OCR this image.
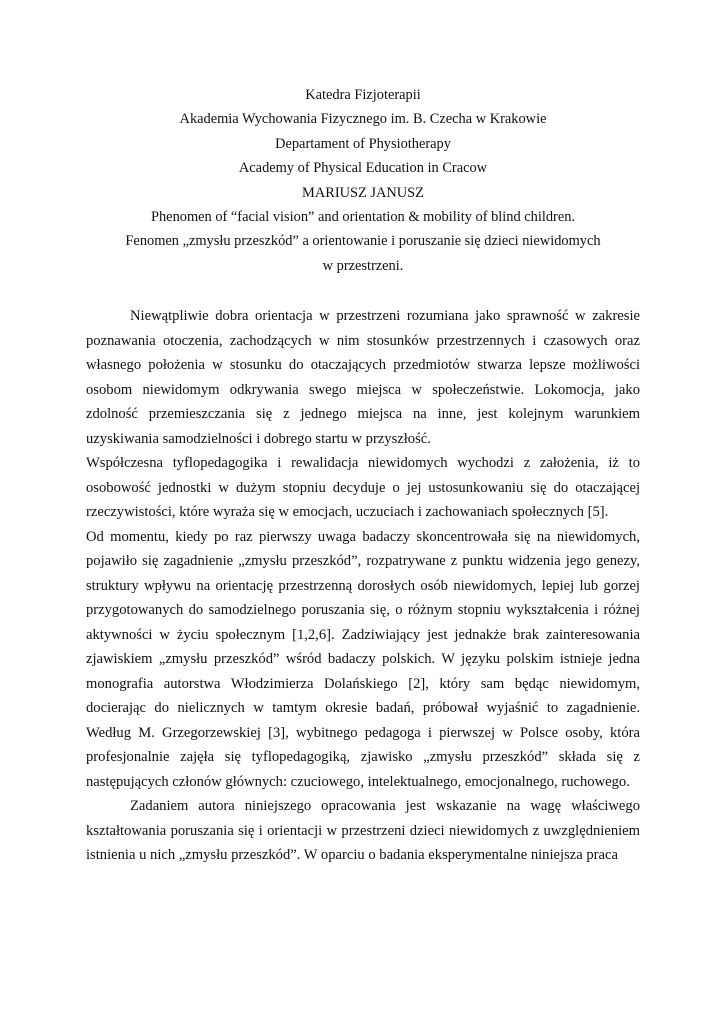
Katedra Fizjoterapii
Akademia Wychowania Fizycznego im. B. Czecha w Krakowie
Departament of Physiotherapy
Academy of Physical Education in Cracow
MARIUSZ JANUSZ
Phenomen of “facial vision” and orientation & mobility of blind children.
Fenomen „zmysłu przeszkód” a orientowanie i poruszanie się dzieci niewidomych
w przestrzeni.

Niewątpliwie dobra orientacja w przestrzeni rozumiana jako sprawność w zakresie poznawania otoczenia, zachodzących w nim stosunków przestrzennych i czasowych oraz własnego położenia w stosunku do otaczających przedmiotów stwarza lepsze możliwości osobom niewidomym odkrywania swego miejsca w społeczeństwie. Lokomocja, jako zdolność przemieszczania się z jednego miejsca na inne, jest kolejnym warunkiem uzyskiwania samodzielności i dobrego startu w przyszłość.

Współczesna tyflopedagogika i rewalidacja niewidomych wychodzi z założenia, iż to osobowość jednostki w dużym stopniu decyduje o jej ustosunkowaniu się do otaczającej rzeczywistości, które wyraża się w emocjach, uczuciach i zachowaniach społecznych [5].

Od momentu, kiedy po raz pierwszy uwaga badaczy skoncentrowała się na niewidomych, pojawiło się zagadnienie „zmysłu przeszkód”, rozpatrywane z punktu widzenia jego genezy, struktury wpływu na orientację przestrzenną dorosłych osób niewidomych, lepiej lub gorzej przygotowanych do samodzielnego poruszania się, o różnym stopniu wykształcenia i różnej aktywności w życiu społecznym [1,2,6]. Zadziwiający jest jednakże brak zainteresowania zjawiskiem „zmysłu przeszkód” wśród badaczy polskich. W języku polskim istnieje jedna monografia autorstwa Włodzimierza Dolańskiego [2], który sam będąc niewidomym, docierając do nielicznych w tamtym okresie badań, próbował wyjaśnić to zagadnienie. Według M. Grzegorzewskiej [3], wybitnego pedagoga i pierwszej w Polsce osoby, która profesjonalnie zajęła się tyflopedagogiką, zjawisko „zmysłu przeszkód” składa się z następujących członów głównych: czuciowego, intelektualnego, emocjonalnego, ruchowego.

Zadaniem autora niniejszego opracowania jest wskazanie na wagę właściwego kształtowania poruszania się i orientacji w przestrzeni dzieci niewidomych z uwzględnieniem istnienia u nich „zmysłu przeszkód”. W oparciu o badania eksperymentalne niniejsza praca
